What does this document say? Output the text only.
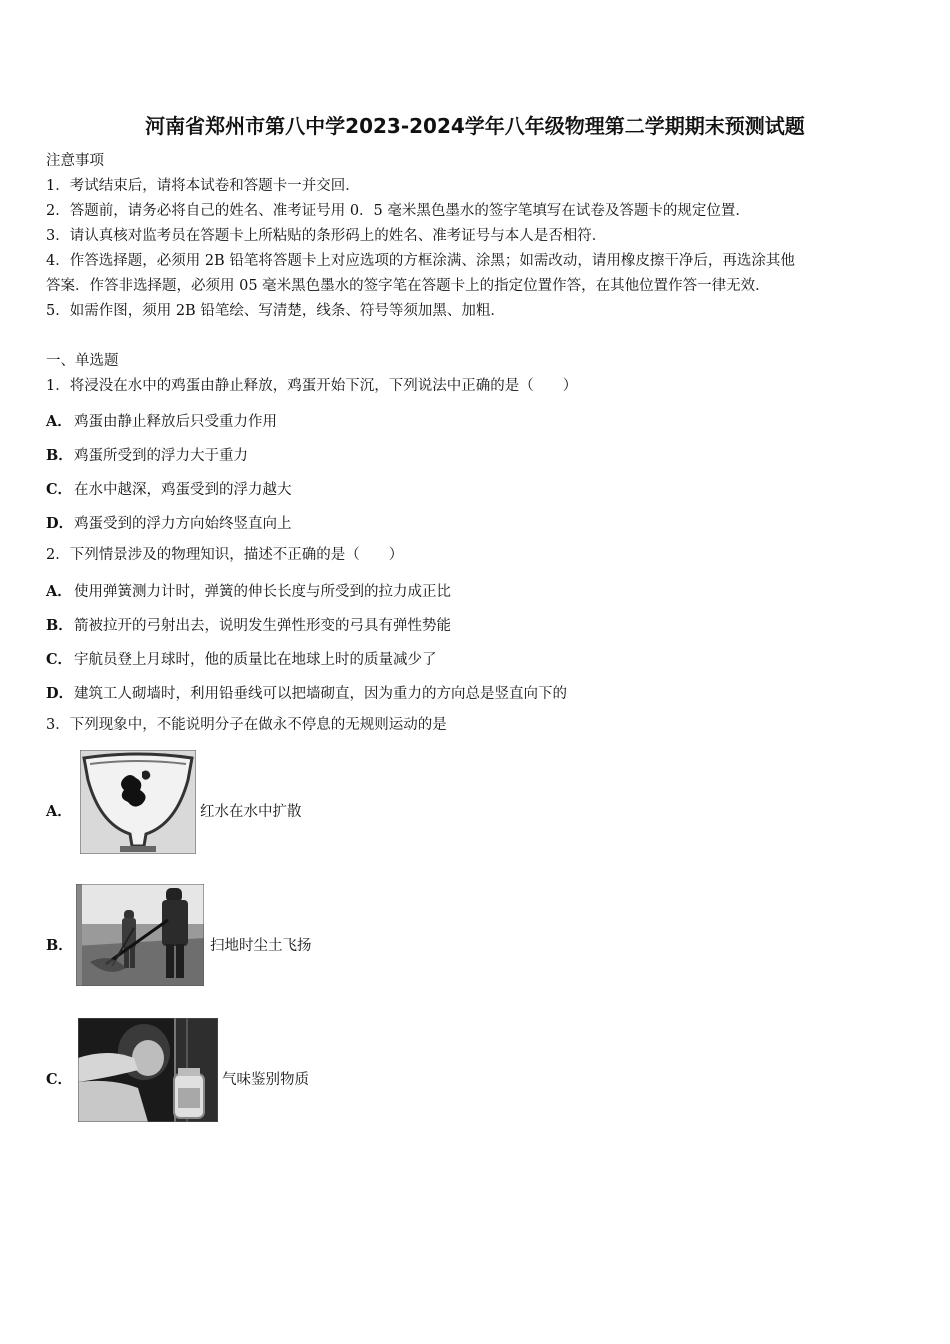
河南省郑州市第八中学2023-2024学年八年级物理第二学期期末预测试题
注意事项
1．考试结束后，请将本试卷和答题卡一并交回．
2．答题前，请务必将自己的姓名、准考证号用 0．5 毫米黑色墨水的签字笔填写在试卷及答题卡的规定位置．
3．请认真核对监考员在答题卡上所粘贴的条形码上的姓名、准考证号与本人是否相符．
4．作答选择题，必须用 2B 铅笔将答题卡上对应选项的方框涂满、涂黑；如需改动，请用橡皮擦干净后，再选涂其他
答案．作答非选择题，必须用 05 毫米黑色墨水的签字笔在答题卡上的指定位置作答，在其他位置作答一律无效．
5．如需作图，须用 2B 铅笔绘、写清楚，线条、符号等须加黑、加粗．
一、单选题
1．将浸没在水中的鸡蛋由静止释放，鸡蛋开始下沉，下列说法中正确的是（　　）
A． 鸡蛋由静止释放后只受重力作用
B． 鸡蛋所受到的浮力大于重力
C． 在水中越深，鸡蛋受到的浮力越大
D． 鸡蛋受到的浮力方向始终竖直向上
2．下列情景涉及的物理知识，描述不正确的是（　　）
A． 使用弹簧测力计时，弹簧的伸长长度与所受到的拉力成正比
B． 箭被拉开的弓射出去，说明发生弹性形变的弓具有弹性势能
C． 宇航员登上月球时，他的质量比在地球上时的质量减少了
D． 建筑工人砌墙时，利用铅垂线可以把墙砌直，因为重力的方向总是竖直向下的
3．下列现象中，不能说明分子在做永不停息的无规则运动的是
A．	红水在水中扩散
B．	扫地时尘土飞扬
C．	气味鉴别物质
